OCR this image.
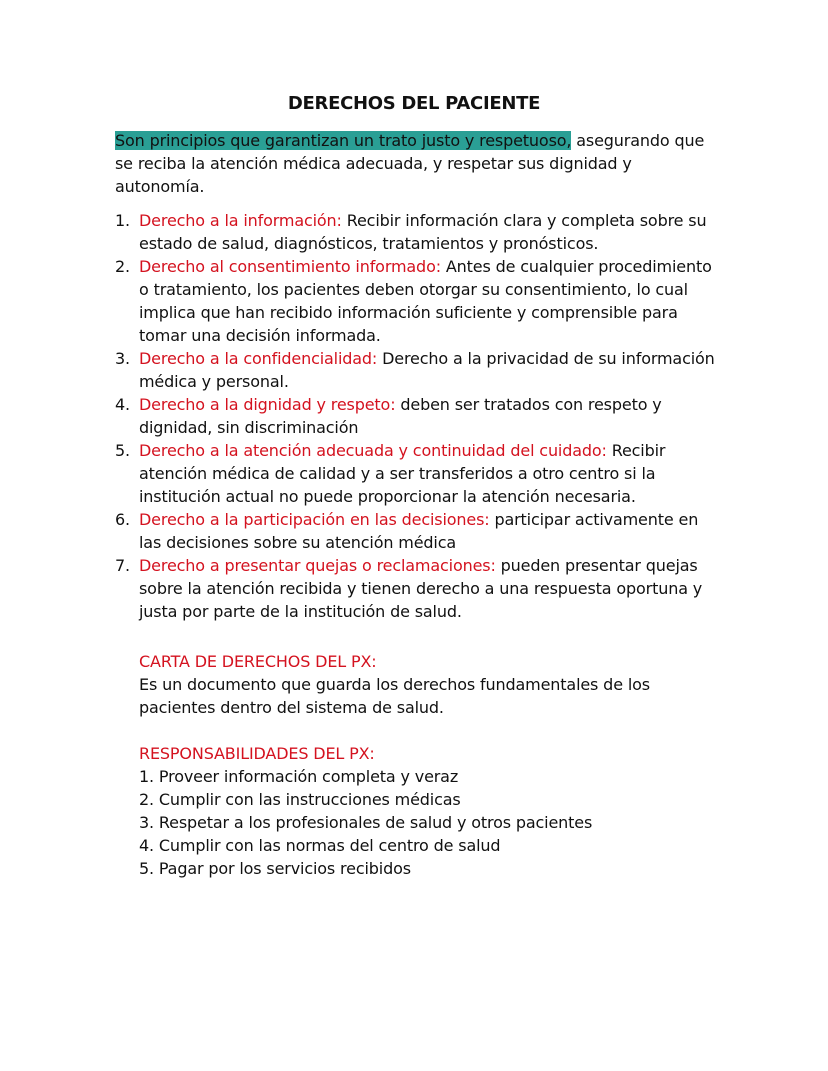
DERECHOS DEL PACIENTE
Son principios que garantizan un trato justo y respetuoso, asegurando que se reciba la atención médica adecuada, y respetar sus dignidad y autonomía.
1. Derecho a la información: Recibir información clara y completa sobre su estado de salud, diagnósticos, tratamientos y pronósticos.
2. Derecho al consentimiento informado: Antes de cualquier procedimiento o tratamiento, los pacientes deben otorgar su consentimiento, lo cual implica que han recibido información suficiente y comprensible para tomar una decisión informada.
3. Derecho a la confidencialidad: Derecho a la privacidad de su información médica y personal.
4. Derecho a la dignidad y respeto: deben ser tratados con respeto y dignidad, sin discriminación
5. Derecho a la atención adecuada y continuidad del cuidado: Recibir atención médica de calidad y a ser transferidos a otro centro si la institución actual no puede proporcionar la atención necesaria.
6. Derecho a la participación en las decisiones: participar activamente en las decisiones sobre su atención médica
7. Derecho a presentar quejas o reclamaciones: pueden presentar quejas sobre la atención recibida y tienen derecho a una respuesta oportuna y justa por parte de la institución de salud.
CARTA DE DERECHOS DEL PX:
Es un documento que guarda los derechos fundamentales de los pacientes dentro del sistema de salud.
RESPONSABILIDADES DEL PX:
1. Proveer información completa y veraz
2. Cumplir con las instrucciones médicas
3. Respetar a los profesionales de salud y otros pacientes
4. Cumplir con las normas del centro de salud
5. Pagar por los servicios recibidos
